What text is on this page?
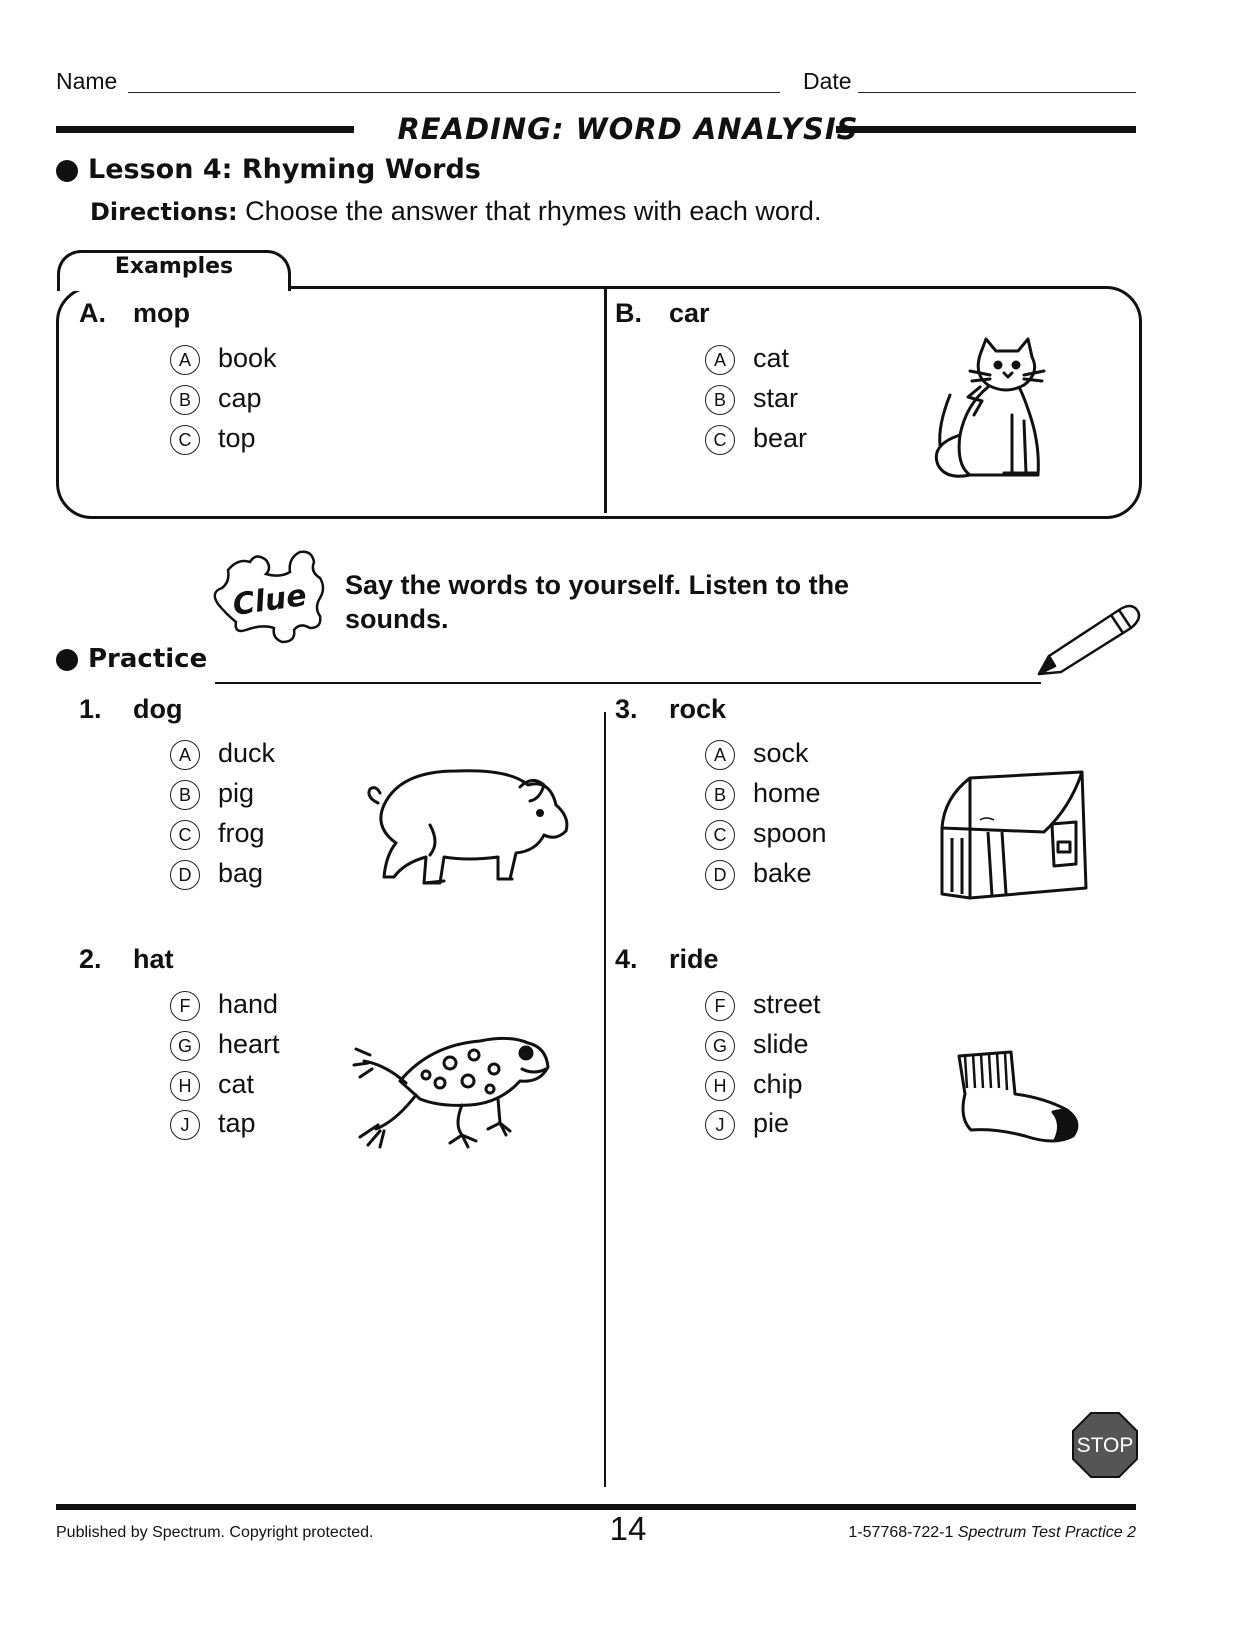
Name	Date
READING: WORD ANALYSIS
Lesson 4: Rhyming Words
Directions: Choose the answer that rhymes with each word.
Examples
A. mop
A book
B cap
C top
B. car
A cat
B star
C bear
Clue Say the words to yourself. Listen to the
sounds.
Practice
1. dog
A duck
B pig
C frog
D bag
2. hat
F hand
G heart
H cat
J tap
3. rock
A sock
B home
C spoon
D bake
4. ride
F street
G slide
H chip
J pie
STOP
Published by Spectrum. Copyright protected.	14	1-57768-722-1 Spectrum Test Practice 2
